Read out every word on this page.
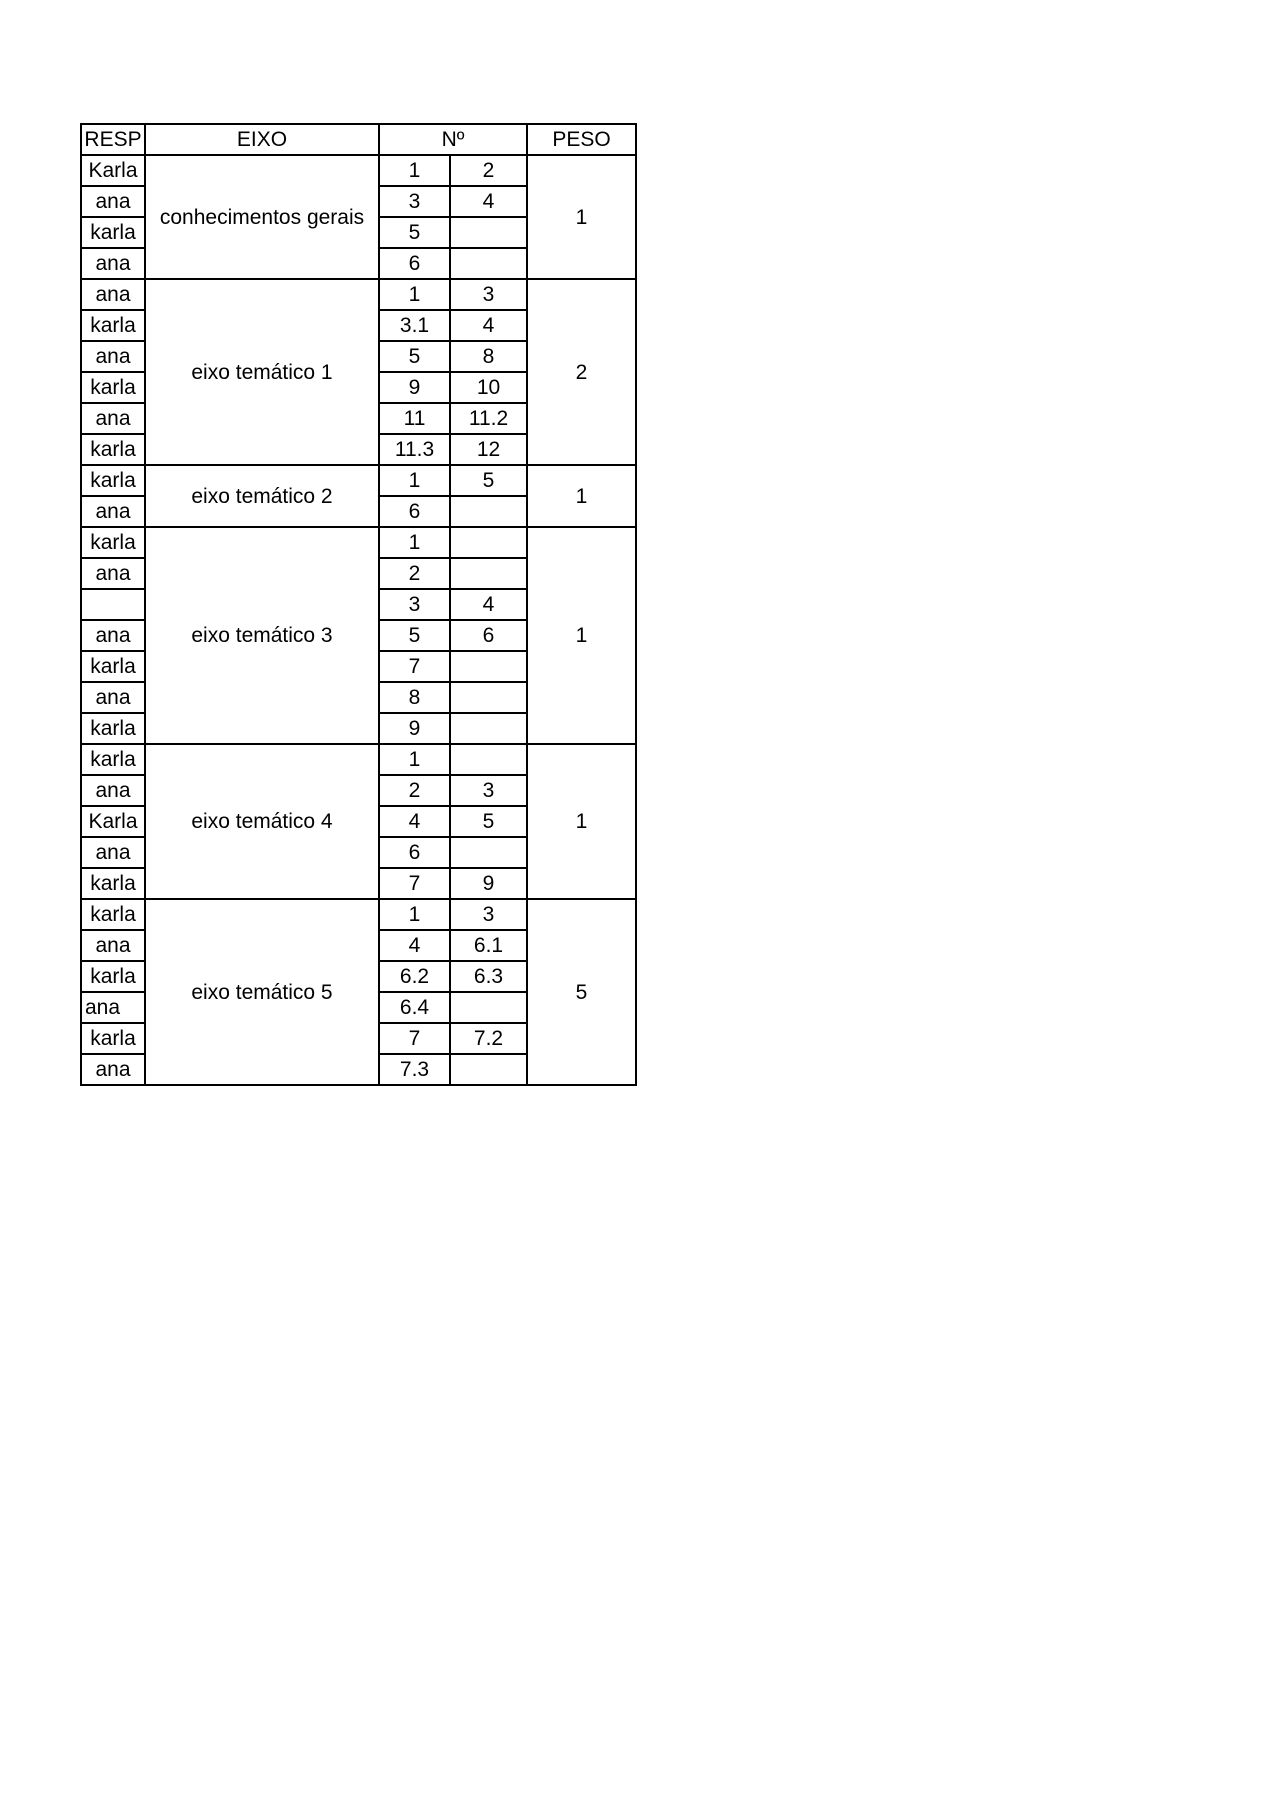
RESP	EIXO	Nº		PESO
Karla	conhecimentos gerais	1	2	1
ana		3	4	
karla		5		
ana		6		
ana	eixo temático 1	1	3	2
karla		3.1	4	
ana		5	8	
karla		9	10	
ana		11	11.2	
karla		11.3	12	
karla	eixo temático 2	1	5	1
ana		6		
karla	eixo temático 3	1		1
ana		2		
		3	4	
ana		5	6	
karla		7		
ana		8		
karla		9		
karla	eixo temático 4	1		1
ana		2	3	
Karla		4	5	
ana		6		
karla		7	9	
karla	eixo temático 5	1	3	5
ana		4	6.1	
karla		6.2	6.3	
ana		6.4		
karla		7	7.2	
ana		7.3		
